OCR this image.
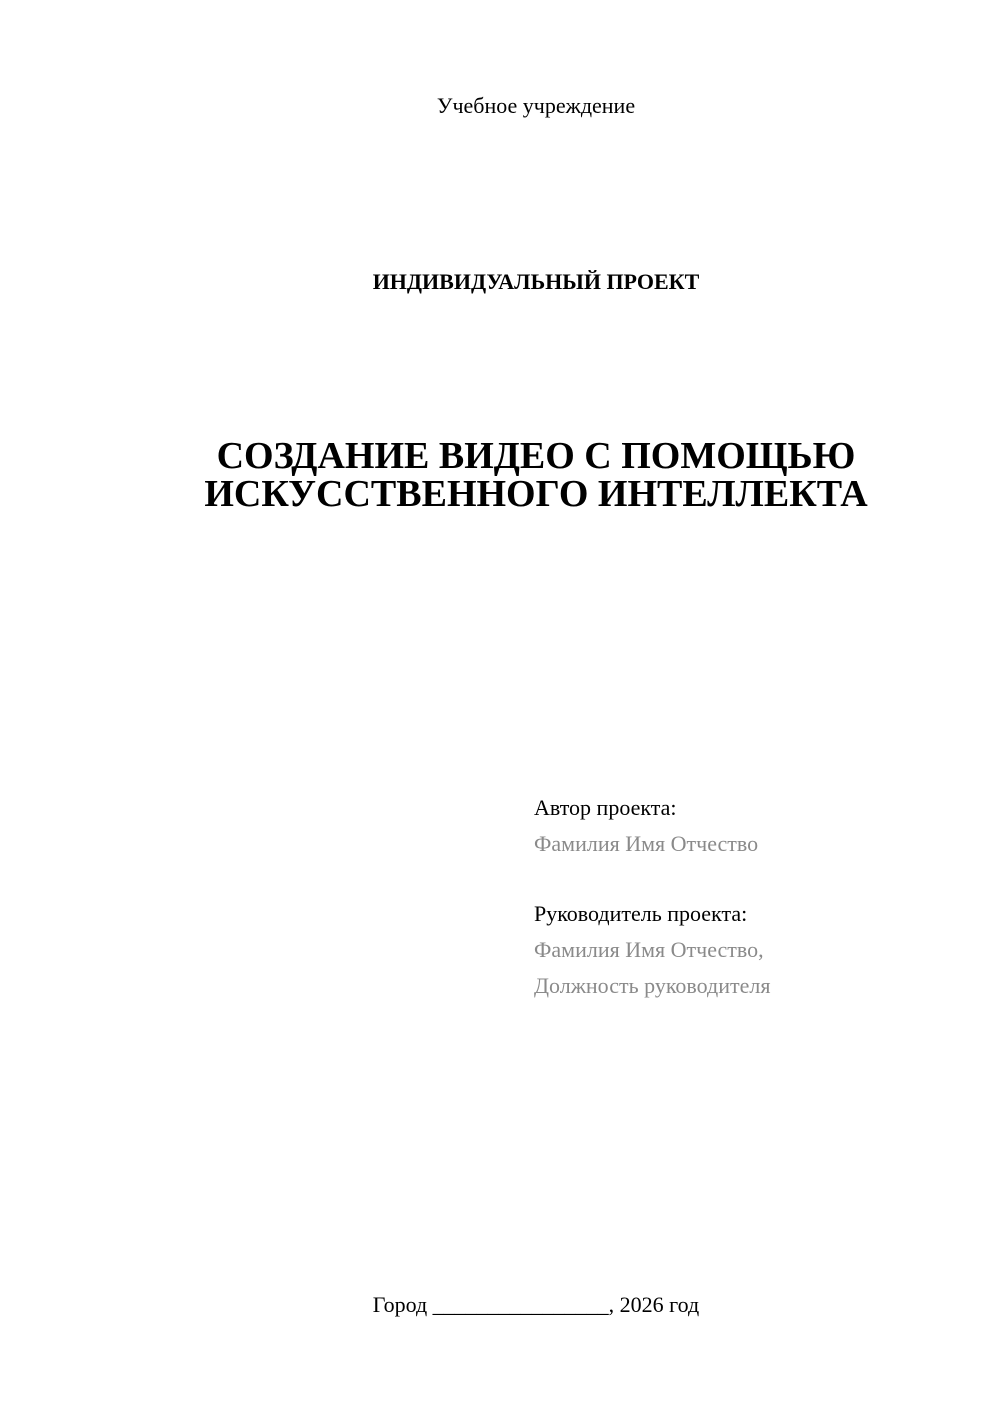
Учебное учреждение
ИНДИВИДУАЛЬНЫЙ ПРОЕКТ
СОЗДАНИЕ ВИДЕО С ПОМОЩЬЮ
ИСКУССТВЕННОГО ИНТЕЛЛЕКТА
Автор проекта:
Фамилия Имя Отчество
Руководитель проекта:
Фамилия Имя Отчество,
Должность руководителя
Город ________________, 2026 год
